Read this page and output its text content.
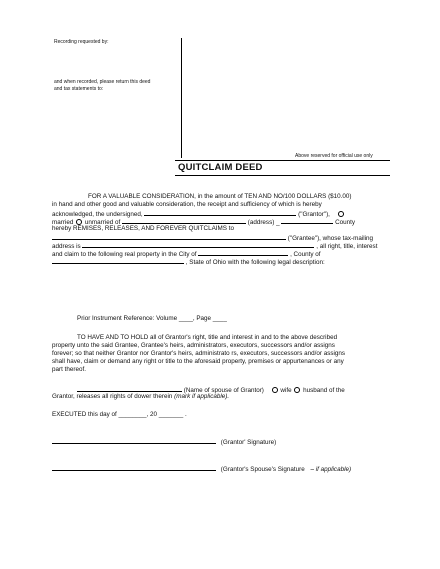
Recording requested by:
and when recorded, please return this deed
and tax statements to:
Above reserved for official use only
QUITCLAIM DEED
FOR A VALUABLE CONSIDERATION, in the amount of TEN AND NO/100 DOLLARS ($10.00)
in hand and other good and valuable consideration, the receipt and sufficiency of which is hereby
acknowledged, the undersigned,	("Grantor"),
married unmarried of	(address) _	County
hereby REMISES, RELEASES, AND FOREVER QUITCLAIMS to
("Grantee"), whose tax-mailing
address is	, all right, title, interest
and claim to the following real property in the City of	, County of
, State of Ohio with the following legal description:
Prior Instrument Reference: Volume ____, Page ____
TO HAVE AND TO HOLD all of Grantor's right, title and interest in and to the above described
property unto the said Grantee, Grantee's heirs, administrators, executors, successors and/or assigns
forever; so that neither Grantor nor Grantor's heirs, administrato rs, executors, successors and/or assigns
shall have, claim or demand any right or title to the aforesaid property, premises or appurtenances or any
part thereof.
(Name of spouse of Grantor)	wife husband of the
Grantor, releases all rights of dower therein (mark if applicable).
EXECUTED this day of ________, 20 _______ .
(Grantor' Signature)
(Grantor's Spouse's Signature – if applicable)
